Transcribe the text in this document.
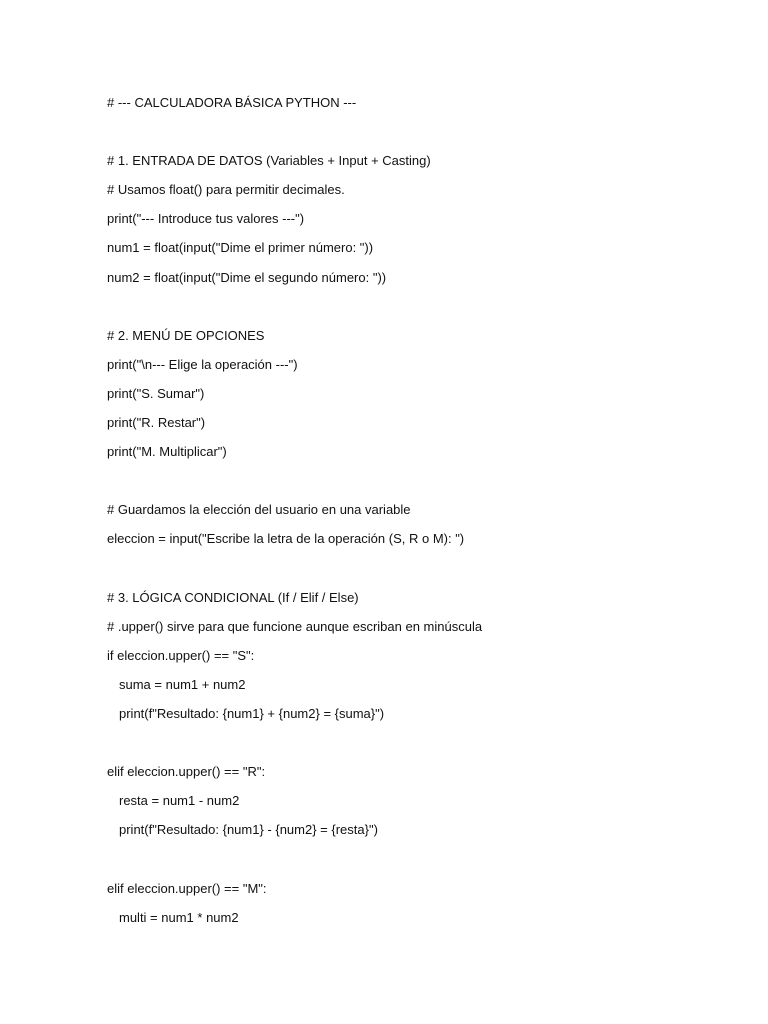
# --- CALCULADORA BÁSICA PYTHON ---

# 1. ENTRADA DE DATOS (Variables + Input + Casting)

# Usamos float() para permitir decimales.

print("--- Introduce tus valores ---")

num1 = float(input("Dime el primer número: "))

num2 = float(input("Dime el segundo número: "))

# 2. MENÚ DE OPCIONES

print("\n--- Elige la operación ---")

print("S. Sumar")

print("R. Restar")

print("M. Multiplicar")

# Guardamos la elección del usuario en una variable

eleccion = input("Escribe la letra de la operación (S, R o M): ")

# 3. LÓGICA CONDICIONAL (If / Elif / Else)

# .upper() sirve para que funcione aunque escriban en minúscula

if eleccion.upper() == "S":

suma = num1 + num2

print(f"Resultado: {num1} + {num2} = {suma}")

elif eleccion.upper() == "R":

resta = num1 - num2

print(f"Resultado: {num1} - {num2} = {resta}")

elif eleccion.upper() == "M":

multi = num1 * num2
